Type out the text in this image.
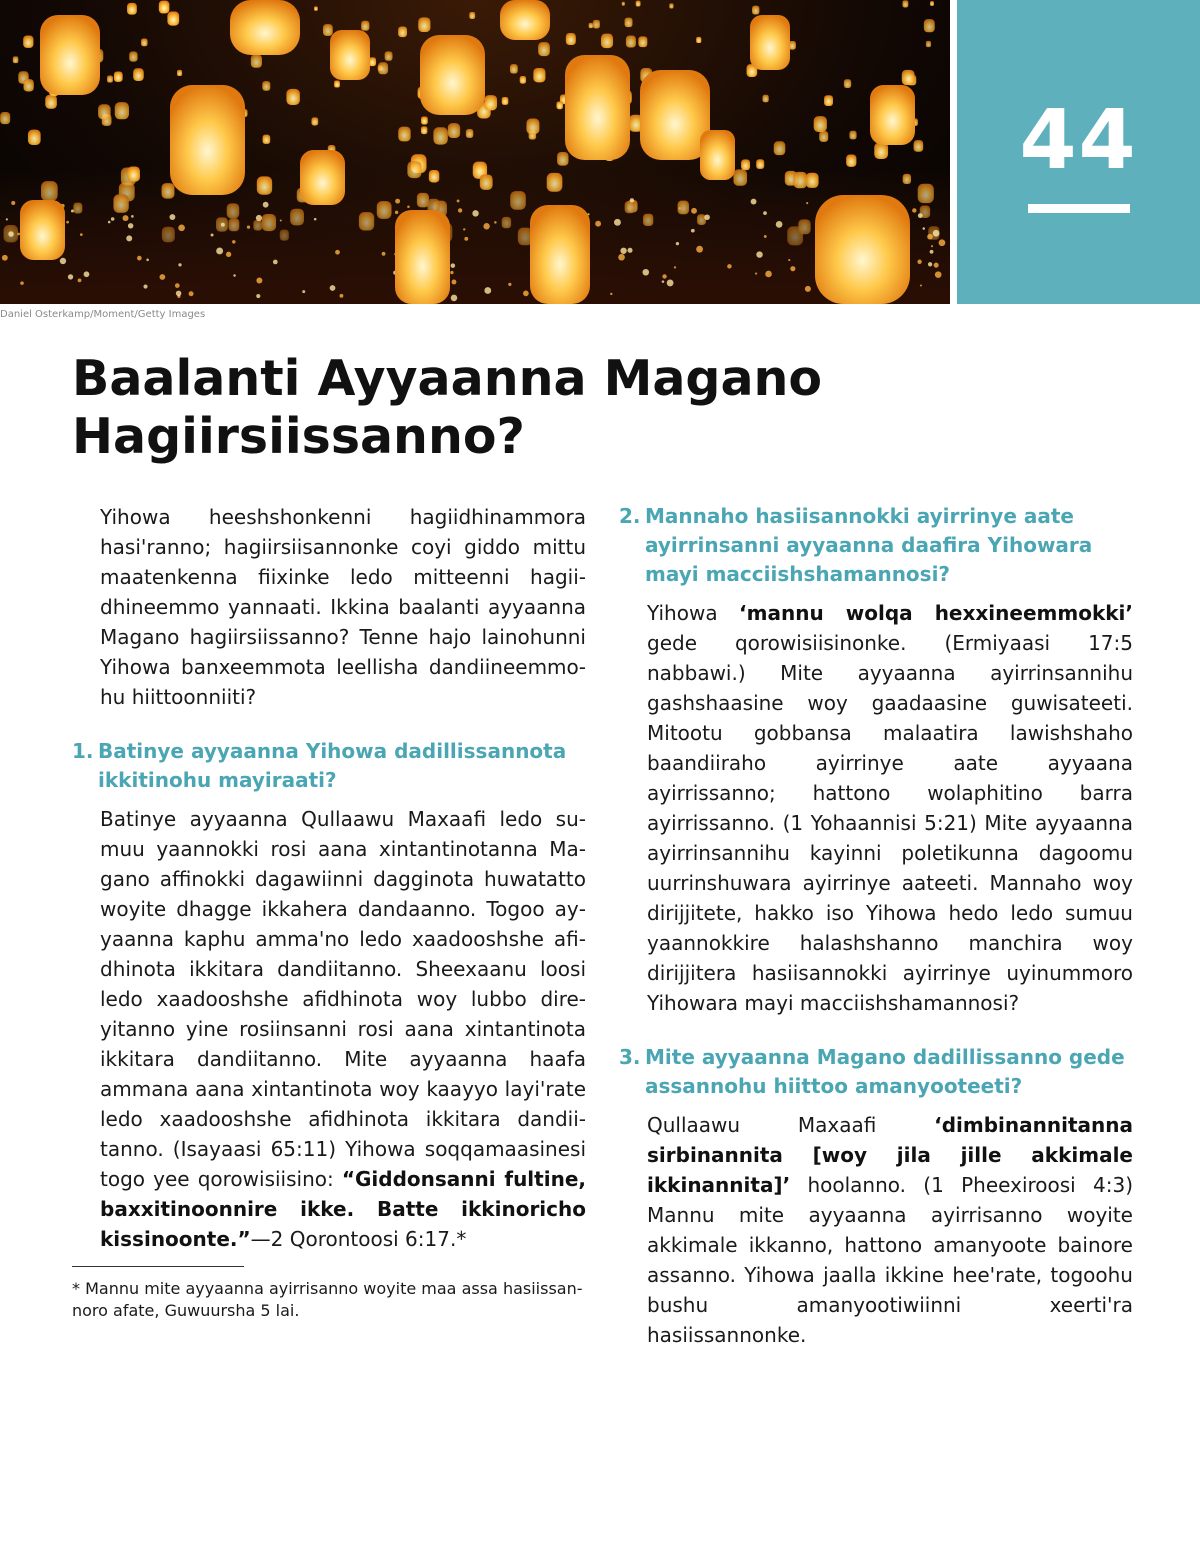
44
Daniel Osterkamp/Moment/Getty Images
Baalanti Ayyaanna Magano
Hagiirsiissanno?

Yihowa heeshshonkenni hagiidhinammora hasi'ranno; hagiirsiisannonke coyi giddo mittu maatenkenna fiixinke ledo mitteenni hagiidhineemmo yannaati. Ikkina baalanti ayyaanna Magano hagiirsiissanno? Tenne hajo lainohunni Yihowa banxeemmota leellisha dandiineemmohu hiittoonniiti?

1. Batinye ayyaanna Yihowa dadillissannota ikkitinohu mayiraati?

Batinye ayyaanna Qullaawu Maxaafi ledo sumuu yaannokki rosi aana xintantinotanna Magano affinokki dagawiinni dagginota huwatatto woyite dhagge ikkahera dandaanno. Togoo ayyaanna kaphu amma'no ledo xaadooshshe afidhinota ikkitara dandiitanno. Sheexaanu loosi ledo xaadooshshe afidhinota woy lubbo direyitanno yine rosiinsanni rosi aana xintantinota ikkitara dandiitanno. Mite ayyaanna haafa ammana aana xintantinota woy kaayyo layi'rate ledo xaadooshshe afidhinota ikkitara dandiitanno. (Isayaasi 65:11) Yihowa soqqamaasinesi togo yee qorowisiisino: “Giddonsanni fultine, baxxitinoonnire ikke. Batte ikkinoricho kissinoonte.”—2 Qorontoosi 6:17.*

* Mannu mite ayyaanna ayirrisanno woyite maa assa hasiissannoro afate, Guwuursha 5 lai.

2. Mannaho hasiisannokki ayirrinye aate ayirrinsanni ayyaanna daafira Yihowara mayi macciishshamannosi?

Yihowa ‘mannu wolqa hexxineemmokki’ gede qorowisiisinonke. (Ermiyaasi 17:5 nabbawi.) Mite ayyaanna ayirrinsannihu gashshaasine woy gaadaasine guwisateeti. Mitootu gobbansa malaatira lawishshaho baandiiraho ayirrinye aate ayyaana ayirrissanno; hattono wolaphitino barra ayirrissanno. (1 Yohaannisi 5:21) Mite ayyaanna ayirrinsannihu kayinni poletikunna dagoomu uurrinshuwara ayirrinye aateeti. Mannaho woy dirijjitete, hakko iso Yihowa hedo ledo sumuu yaannokkire halashshanno manchira woy dirijjitera hasiisannokki ayirrinye uyinummoro Yihowara mayi macciishshamannosi?

3. Mite ayyaanna Magano dadillissanno gede assannohu hiittoo amanyooteeti?

Qullaawu Maxaafi ‘dimbinannitanna sirbinannita [woy jila jille akkimale ikkinannita]’ hoolanno. (1 Pheexiroosi 4:3) Mannu mite ayyaanna ayirrisanno woyite akkimale ikkanno, hattono amanyoote bainore assanno. Yihowa jaalla ikkine hee'rate, togoohu bushu amanyootiwiinni xeerti'ra hasiissannonke.
